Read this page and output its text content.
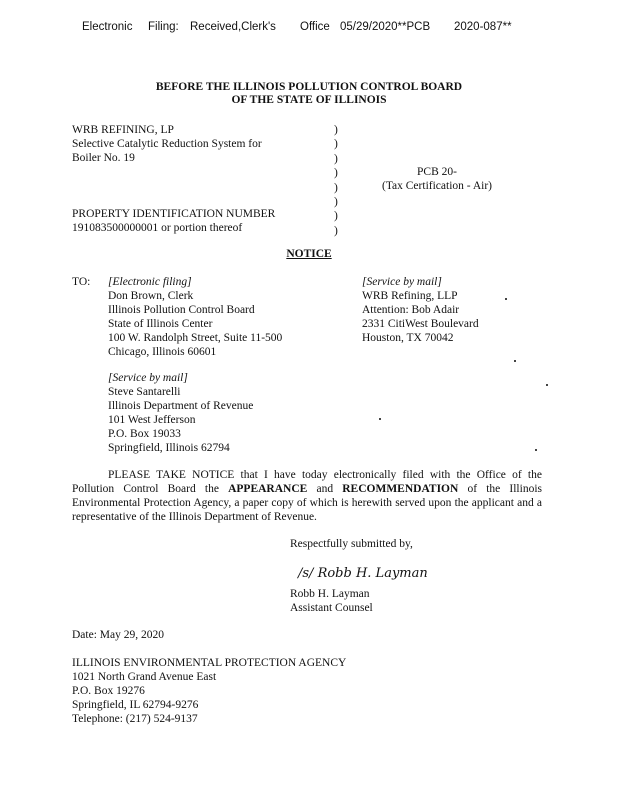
Electronic Filing: Received,Clerk's Office 05/29/2020**PCB 2020-087**
BEFORE THE ILLINOIS POLLUTION CONTROL BOARD
OF THE STATE OF ILLINOIS
WRB REFINING, LP
Selective Catalytic Reduction System for
Boiler No. 19
PROPERTY IDENTIFICATION NUMBER
191083500000001 or portion thereof
)
)
)
)
)
)
)
)
PCB 20-
(Tax Certification - Air)
NOTICE
TO: [Electronic filing]
Don Brown, Clerk
Illinois Pollution Control Board
State of Illinois Center
100 W. Randolph Street, Suite 11-500
Chicago, Illinois 60601
[Service by mail]
WRB Refining, LLP
Attention: Bob Adair
2331 CitiWest Boulevard
Houston, TX 70042
[Service by mail]
Steve Santarelli
Illinois Department of Revenue
101 West Jefferson
P.O. Box 19033
Springfield, Illinois 62794

PLEASE TAKE NOTICE that I have today electronically filed with the Office of the Pollution Control Board the APPEARANCE and RECOMMENDATION of the Illinois Environmental Protection Agency, a paper copy of which is herewith served upon the applicant and a representative of the Illinois Department of Revenue.

Respectfully submitted by,
/s/ Robb H. Layman
Robb H. Layman
Assistant Counsel
Date: May 29, 2020
ILLINOIS ENVIRONMENTAL PROTECTION AGENCY
1021 North Grand Avenue East
P.O. Box 19276
Springfield, IL 62794-9276
Telephone: (217) 524-9137
